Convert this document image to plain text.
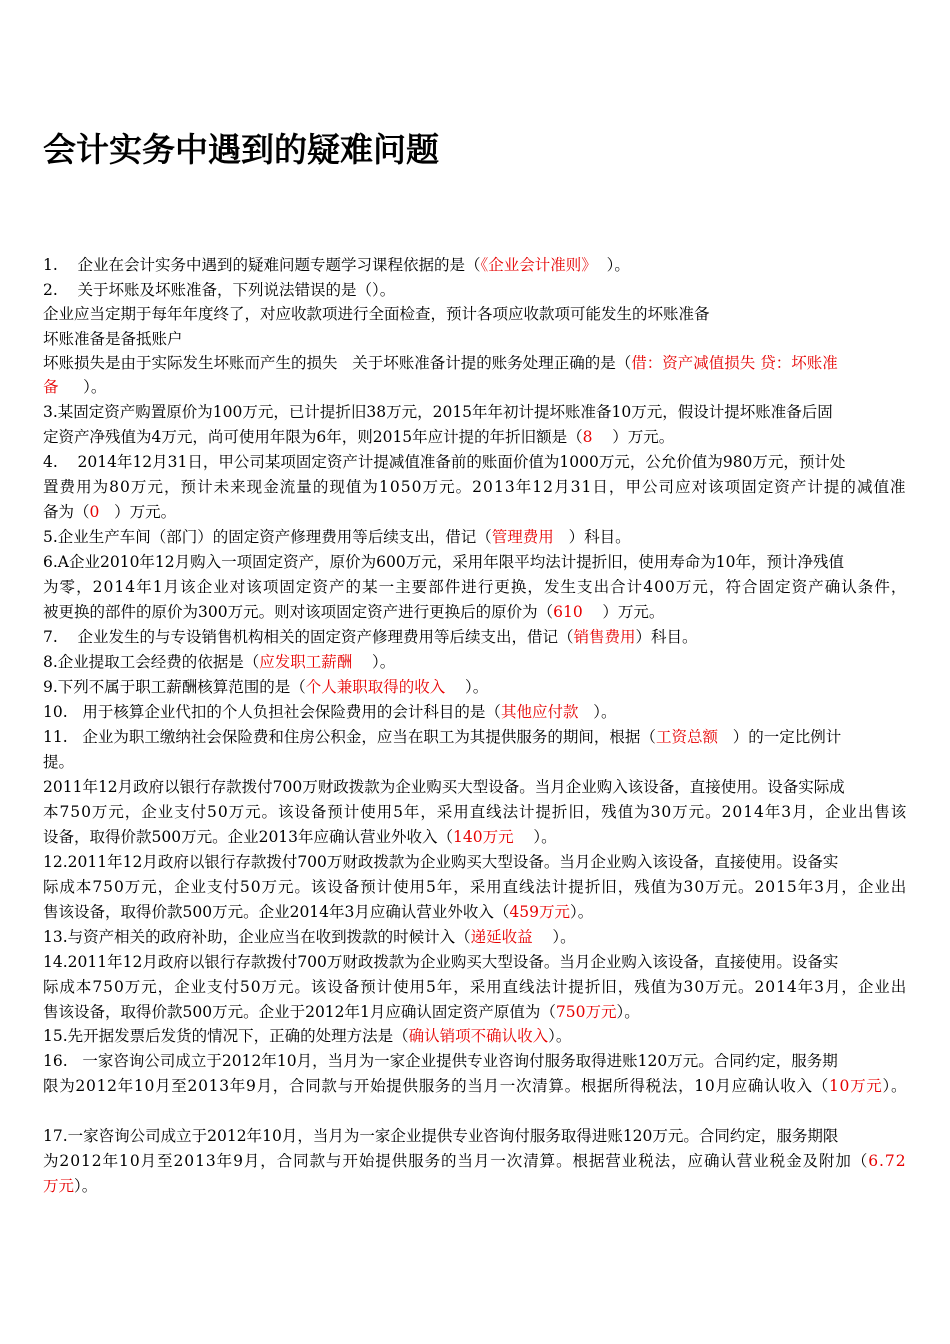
会计实务中遇到的疑难问题

1.    企业在会计实务中遇到的疑难问题专题学习课程依据的是（《企业会计准则》  ）。

2.    关于坏账及坏账准备，下列说法错误的是（）。

企业应当定期于每年年度终了，对应收款项进行全面检查，预计各项应收款项可能发生的坏账准备

坏账准备是备抵账户

坏账损失是由于实际发生坏账而产生的损失   关于坏账准备计提的账务处理正确的是（借：资产减值损失 贷：坏账准

备     ）。

3.某固定资产购置原价为100万元，已计提折旧38万元，2015年年初计提坏账准备10万元，假设计提坏账准备后固

定资产净残值为4万元，尚可使用年限为6年，则2015年应计提的年折旧额是（8    ）万元。

4.    2014年12月31日，甲公司某项固定资产计提减值准备前的账面价值为1000万元，公允价值为980万元，预计处

置费用为80万元，预计未来现金流量的现值为1050万元。2013年12月31日，甲公司应对该项固定资产计提的减值准

备为（0   ）万元。

5.企业生产车间（部门）的固定资产修理费用等后续支出，借记（管理费用   ）科目。

6.A企业2010年12月购入一项固定资产，原价为600万元，采用年限平均法计提折旧，使用寿命为10年，预计净残值

为零，2014年1月该企业对该项固定资产的某一主要部件进行更换，发生支出合计400万元，符合固定资产确认条件，

被更换的部件的原价为300万元。则对该项固定资产进行更换后的原价为（610    ）万元。

7.    企业发生的与专设销售机构相关的固定资产修理费用等后续支出，借记（销售费用）科目。

8.企业提取工会经费的依据是（应发职工薪酬    ）。

9.下列不属于职工薪酬核算范围的是（个人兼职取得的收入    ）。

10.   用于核算企业代扣的个人负担社会保险费用的会计科目的是（其他应付款   ）。

11.   企业为职工缴纳社会保险费和住房公积金，应当在职工为其提供服务的期间，根据（工资总额   ）的一定比例计

提。

2011年12月政府以银行存款拨付700万财政拨款为企业购买大型设备。当月企业购入该设备，直接使用。设备实际成

本750万元，企业支付50万元。该设备预计使用5年，采用直线法计提折旧，残值为30万元。2014年3月，企业出售该

设备，取得价款500万元。企业2013年应确认营业外收入（140万元    ）。

12.2011年12月政府以银行存款拨付700万财政拨款为企业购买大型设备。当月企业购入该设备，直接使用。设备实

际成本750万元，企业支付50万元。该设备预计使用5年，采用直线法计提折旧，残值为30万元。2015年3月，企业出

售该设备，取得价款500万元。企业2014年3月应确认营业外收入（459万元）。

13.与资产相关的政府补助，企业应当在收到拨款的时候计入（递延收益    ）。

14.2011年12月政府以银行存款拨付700万财政拨款为企业购买大型设备。当月企业购入该设备，直接使用。设备实

际成本750万元，企业支付50万元。该设备预计使用5年，采用直线法计提折旧，残值为30万元。2014年3月，企业出

售该设备，取得价款500万元。企业于2012年1月应确认固定资产原值为（750万元）。

15.先开据发票后发货的情况下，正确的处理方法是（确认销项不确认收入）。

16.   一家咨询公司成立于2012年10月，当月为一家企业提供专业咨询付服务取得进账120万元。合同约定，服务期

限为2012年10月至2013年9月，合同款与开始提供服务的当月一次清算。根据所得税法，10月应确认收入（10万元）。

17.一家咨询公司成立于2012年10月，当月为一家企业提供专业咨询付服务取得进账120万元。合同约定，服务期限

为2012年10月至2013年9月，合同款与开始提供服务的当月一次清算。根据营业税法，应确认营业税金及附加（6.72

万元）。
